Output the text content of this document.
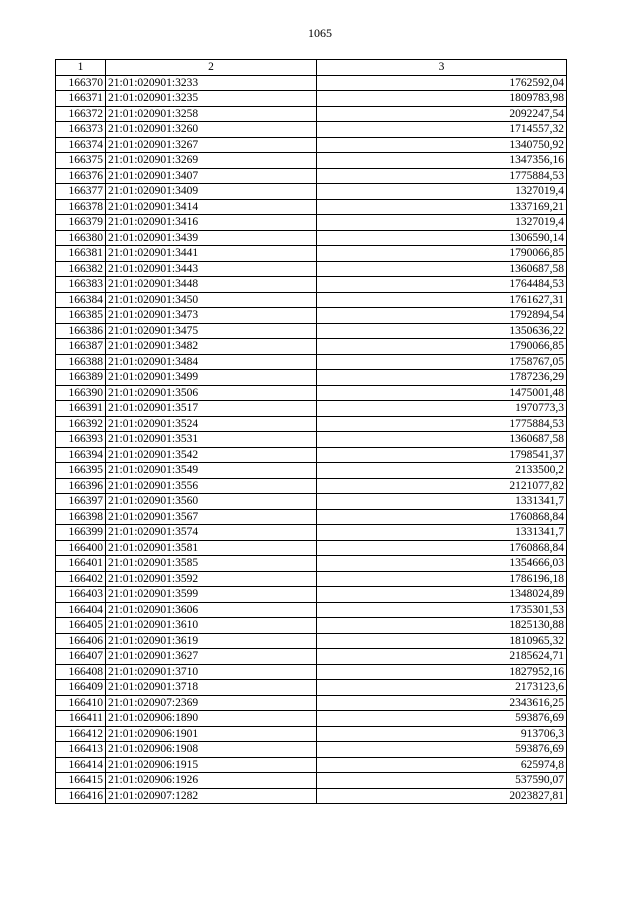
1065
1	2	3
166370	21:01:020901:3233	1762592,04
166371	21:01:020901:3235	1809783,98
166372	21:01:020901:3258	2092247,54
166373	21:01:020901:3260	1714557,32
166374	21:01:020901:3267	1340750,92
166375	21:01:020901:3269	1347356,16
166376	21:01:020901:3407	1775884,53
166377	21:01:020901:3409	1327019,4
166378	21:01:020901:3414	1337169,21
166379	21:01:020901:3416	1327019,4
166380	21:01:020901:3439	1306590,14
166381	21:01:020901:3441	1790066,85
166382	21:01:020901:3443	1360687,58
166383	21:01:020901:3448	1764484,53
166384	21:01:020901:3450	1761627,31
166385	21:01:020901:3473	1792894,54
166386	21:01:020901:3475	1350636,22
166387	21:01:020901:3482	1790066,85
166388	21:01:020901:3484	1758767,05
166389	21:01:020901:3499	1787236,29
166390	21:01:020901:3506	1475001,48
166391	21:01:020901:3517	1970773,3
166392	21:01:020901:3524	1775884,53
166393	21:01:020901:3531	1360687,58
166394	21:01:020901:3542	1798541,37
166395	21:01:020901:3549	2133500,2
166396	21:01:020901:3556	2121077,82
166397	21:01:020901:3560	1331341,7
166398	21:01:020901:3567	1760868,84
166399	21:01:020901:3574	1331341,7
166400	21:01:020901:3581	1760868,84
166401	21:01:020901:3585	1354666,03
166402	21:01:020901:3592	1786196,18
166403	21:01:020901:3599	1348024,89
166404	21:01:020901:3606	1735301,53
166405	21:01:020901:3610	1825130,88
166406	21:01:020901:3619	1810965,32
166407	21:01:020901:3627	2185624,71
166408	21:01:020901:3710	1827952,16
166409	21:01:020901:3718	2173123,6
166410	21:01:020907:2369	2343616,25
166411	21:01:020906:1890	593876,69
166412	21:01:020906:1901	913706,3
166413	21:01:020906:1908	593876,69
166414	21:01:020906:1915	625974,8
166415	21:01:020906:1926	537590,07
166416	21:01:020907:1282	2023827,81
